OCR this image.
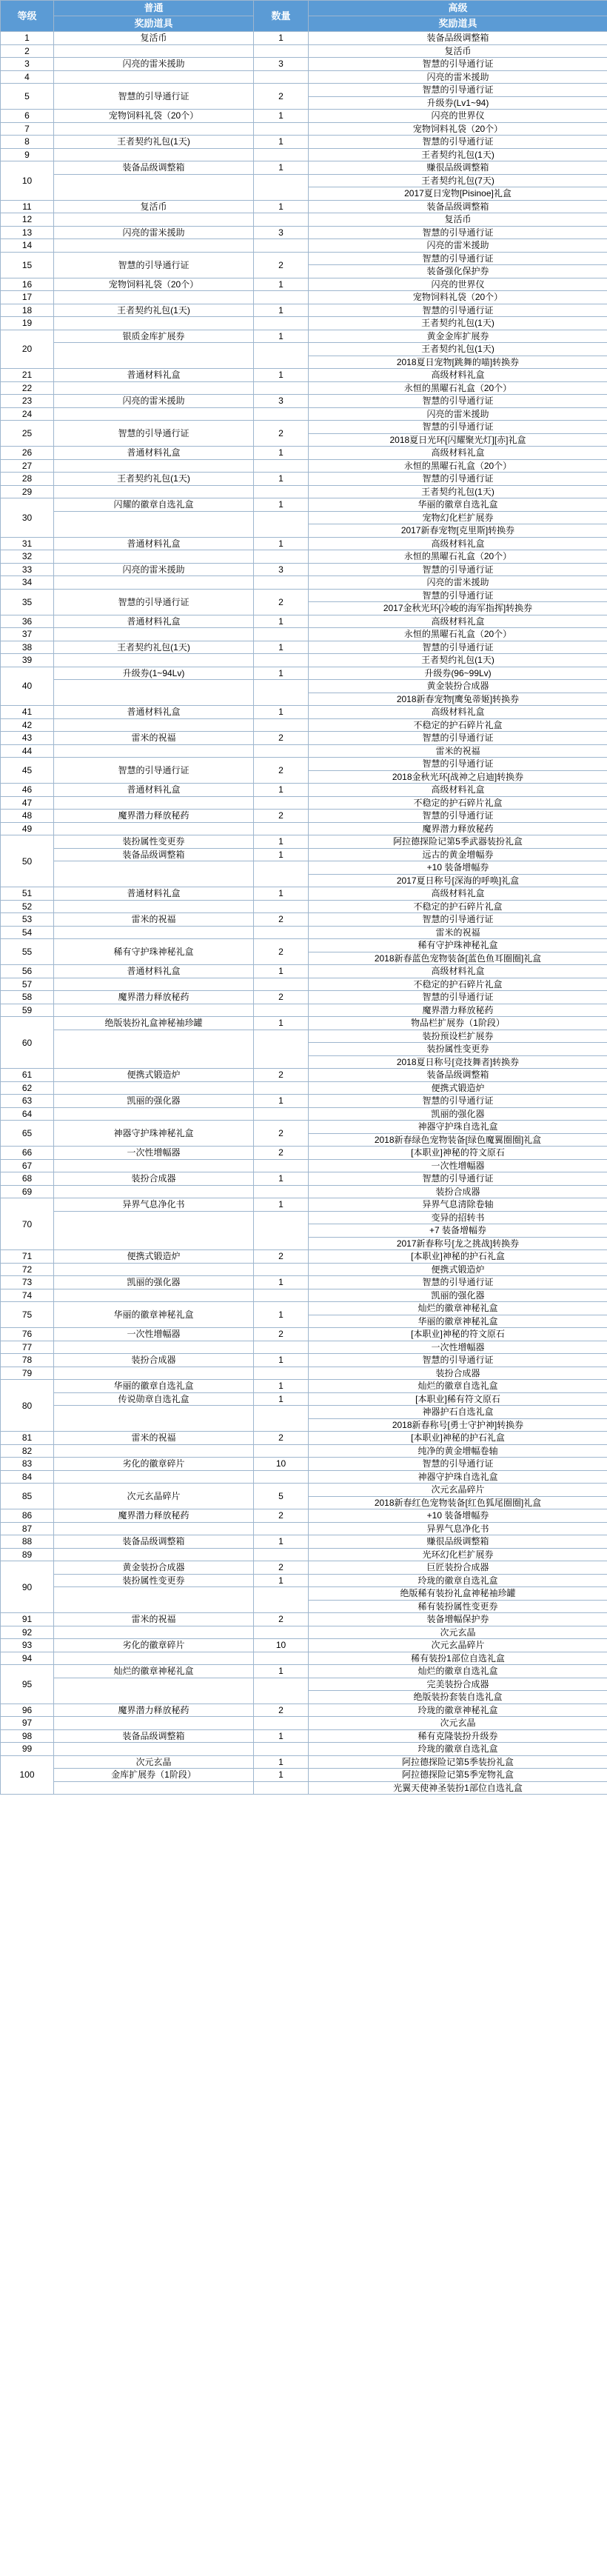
等级	普通	数量	高级
	奖励道具		奖励道具
1	复活币	1	装备品级调整箱
2			复活币
3	闪亮的雷米援助	3	智慧的引导通行证
4			闪亮的雷米援助
5	智慧的引导通行证	2	智慧的引导通行证
			升级券(Lv1~94)
6	宠物饲料礼袋（20个）	1	闪亮的世界仪
7			宠物饲料礼袋（20个）
8	王者契约礼包(1天)	1	智慧的引导通行证
9			王者契约礼包(1天)
10	装备品级调整箱	1	赚很品级调整箱
			王者契约礼包(7天)
			2017夏日宠物[Pisinoe]礼盒
11	复活币	1	装备品级调整箱
12			复活币
13	闪亮的雷米援助	3	智慧的引导通行证
14			闪亮的雷米援助
15	智慧的引导通行证	2	智慧的引导通行证
			装备强化保护券
16	宠物饲料礼袋（20个）	1	闪亮的世界仪
17			宠物饲料礼袋（20个）
18	王者契约礼包(1天)	1	智慧的引导通行证
19			王者契约礼包(1天)
20	银质金库扩展券	1	黄金金库扩展券
			王者契约礼包(1天)
			2018夏日宠物[跳舞的喵]转换券
21	普通材料礼盒	1	高级材料礼盒
22			永恒的黑曜石礼盒（20个）
23	闪亮的雷米援助	3	智慧的引导通行证
24			闪亮的雷米援助
25	智慧的引导通行证	2	智慧的引导通行证
			2018夏日光环[闪耀聚光灯][赤]礼盒
26	普通材料礼盒	1	高级材料礼盒
27			永恒的黑曜石礼盒（20个）
28	王者契约礼包(1天)	1	智慧的引导通行证
29			王者契约礼包(1天)
30	闪耀的徽章自选礼盒	1	华丽的徽章自选礼盒
			宠物幻化栏扩展券
			2017新春宠物[克里斯]转换券
31	普通材料礼盒	1	高级材料礼盒
32			永恒的黑曜石礼盒（20个）
33	闪亮的雷米援助	3	智慧的引导通行证
34			闪亮的雷米援助
35	智慧的引导通行证	2	智慧的引导通行证
			2017金秋光环[冷峻的海军指挥]转换券
36	普通材料礼盒	1	高级材料礼盒
37			永恒的黑曜石礼盒（20个）
38	王者契约礼包(1天)	1	智慧的引导通行证
39			王者契约礼包(1天)
40	升级券(1~94Lv)	1	升级券(96~99Lv)
			黄金装扮合成器
			2018新春宠物[鹰兔蒂姬]转换券
41	普通材料礼盒	1	高级材料礼盒
42			不稳定的护石碎片礼盒
43	雷米的祝福	2	智慧的引导通行证
44			雷米的祝福
45	智慧的引导通行证	2	智慧的引导通行证
			2018金秋光环[战神之启迪]转换券
46	普通材料礼盒	1	高级材料礼盒
47			不稳定的护石碎片礼盒
48	魔界潜力释放秘药	2	智慧的引导通行证
49			魔界潜力释放秘药
50	装扮属性变更券	1	阿拉德探险记第5季武器装扮礼盒
	装备品级调整箱	1	远古的黄金增幅券
			+10 装备增幅券
			2017夏日称号[深海的呼唤]礼盒
51	普通材料礼盒	1	高级材料礼盒
52			不稳定的护石碎片礼盒
53	雷米的祝福	2	智慧的引导通行证
54			雷米的祝福
55	稀有守护珠神秘礼盒	2	稀有守护珠神秘礼盒
			2018新春蓝色宠物装备[蓝色鱼耳圈圈]礼盒
56	普通材料礼盒	1	高级材料礼盒
57			不稳定的护石碎片礼盒
58	魔界潜力释放秘药	2	智慧的引导通行证
59			魔界潜力释放秘药
60	绝版装扮礼盒神秘袖珍罐	1	物品栏扩展券（1阶段）
			装扮预设栏扩展券
			装扮属性变更券
			2018夏日称号[竞技舞者]转换券
61	便携式锻造炉	2	装备品级调整箱
62			便携式锻造炉
63	凯丽的强化器	1	智慧的引导通行证
64			凯丽的强化器
65	神器守护珠神秘礼盒	2	神器守护珠自选礼盒
			2018新春绿色宠物装备[绿色魔翼圈圈]礼盒
66	一次性增幅器	2	[本职业]神秘的符文原石
67			一次性增幅器
68	装扮合成器	1	智慧的引导通行证
69			装扮合成器
70	异界气息净化书	1	异界气息清除卷轴
			变异的招转书
			+7 装备增幅券
			2017新春称号[龙之挑战]转换券
71	便携式锻造炉	2	[本职业]神秘的护石礼盒
72			便携式锻造炉
73	凯丽的强化器	1	智慧的引导通行证
74			凯丽的强化器
75	华丽的徽章神秘礼盒	1	灿烂的徽章神秘礼盒
			华丽的徽章神秘礼盒
76	一次性增幅器	2	[本职业]神秘的符文原石
77			一次性增幅器
78	装扮合成器	1	智慧的引导通行证
79			装扮合成器
80	华丽的徽章自选礼盒	1	灿烂的徽章自选礼盒
	传说勋章自选礼盒	1	[本职业]稀有符文原石
			神器护石自选礼盒
			2018新春称号[勇士守护神]转换券
81	雷米的祝福	2	[本职业]神秘的护石礼盒
82			纯净的黄金增幅卷轴
83	劣化的徽章碎片	10	智慧的引导通行证
84			神器守护珠自选礼盒
85	次元玄晶碎片	5	次元玄晶碎片
			2018新春红色宠物装备[红色狐尾圈圈]礼盒
86	魔界潜力释放秘药	2	+10 装备增幅券
87			异界气息净化书
88	装备品级调整箱	1	赚很品级调整箱
89			光环幻化栏扩展券
90	黄金装扮合成器	2	巨匠装扮合成器
	装扮属性变更券	1	玲珑的徽章自选礼盒
			绝版稀有装扮礼盒神秘袖珍罐
			稀有装扮属性变更券
91	雷米的祝福	2	装备增幅保护券
92			次元玄晶
93	劣化的徽章碎片	10	次元玄晶碎片
94			稀有装扮1部位自选礼盒
95	灿烂的徽章神秘礼盒	1	灿烂的徽章自选礼盒
			完美装扮合成器
			绝版装扮套装自选礼盒
96	魔界潜力释放秘药	2	玲珑的徽章神秘礼盒
97			次元玄晶
98	装备品级调整箱	1	稀有克隆装扮升级券
99			玲珑的徽章自选礼盒
100	次元玄晶	1	阿拉德探险记第5季装扮礼盒
	金库扩展券（1阶段）	1	阿拉德探险记第5季宠物礼盒
			光翼天使神圣装扮1部位自选礼盒
